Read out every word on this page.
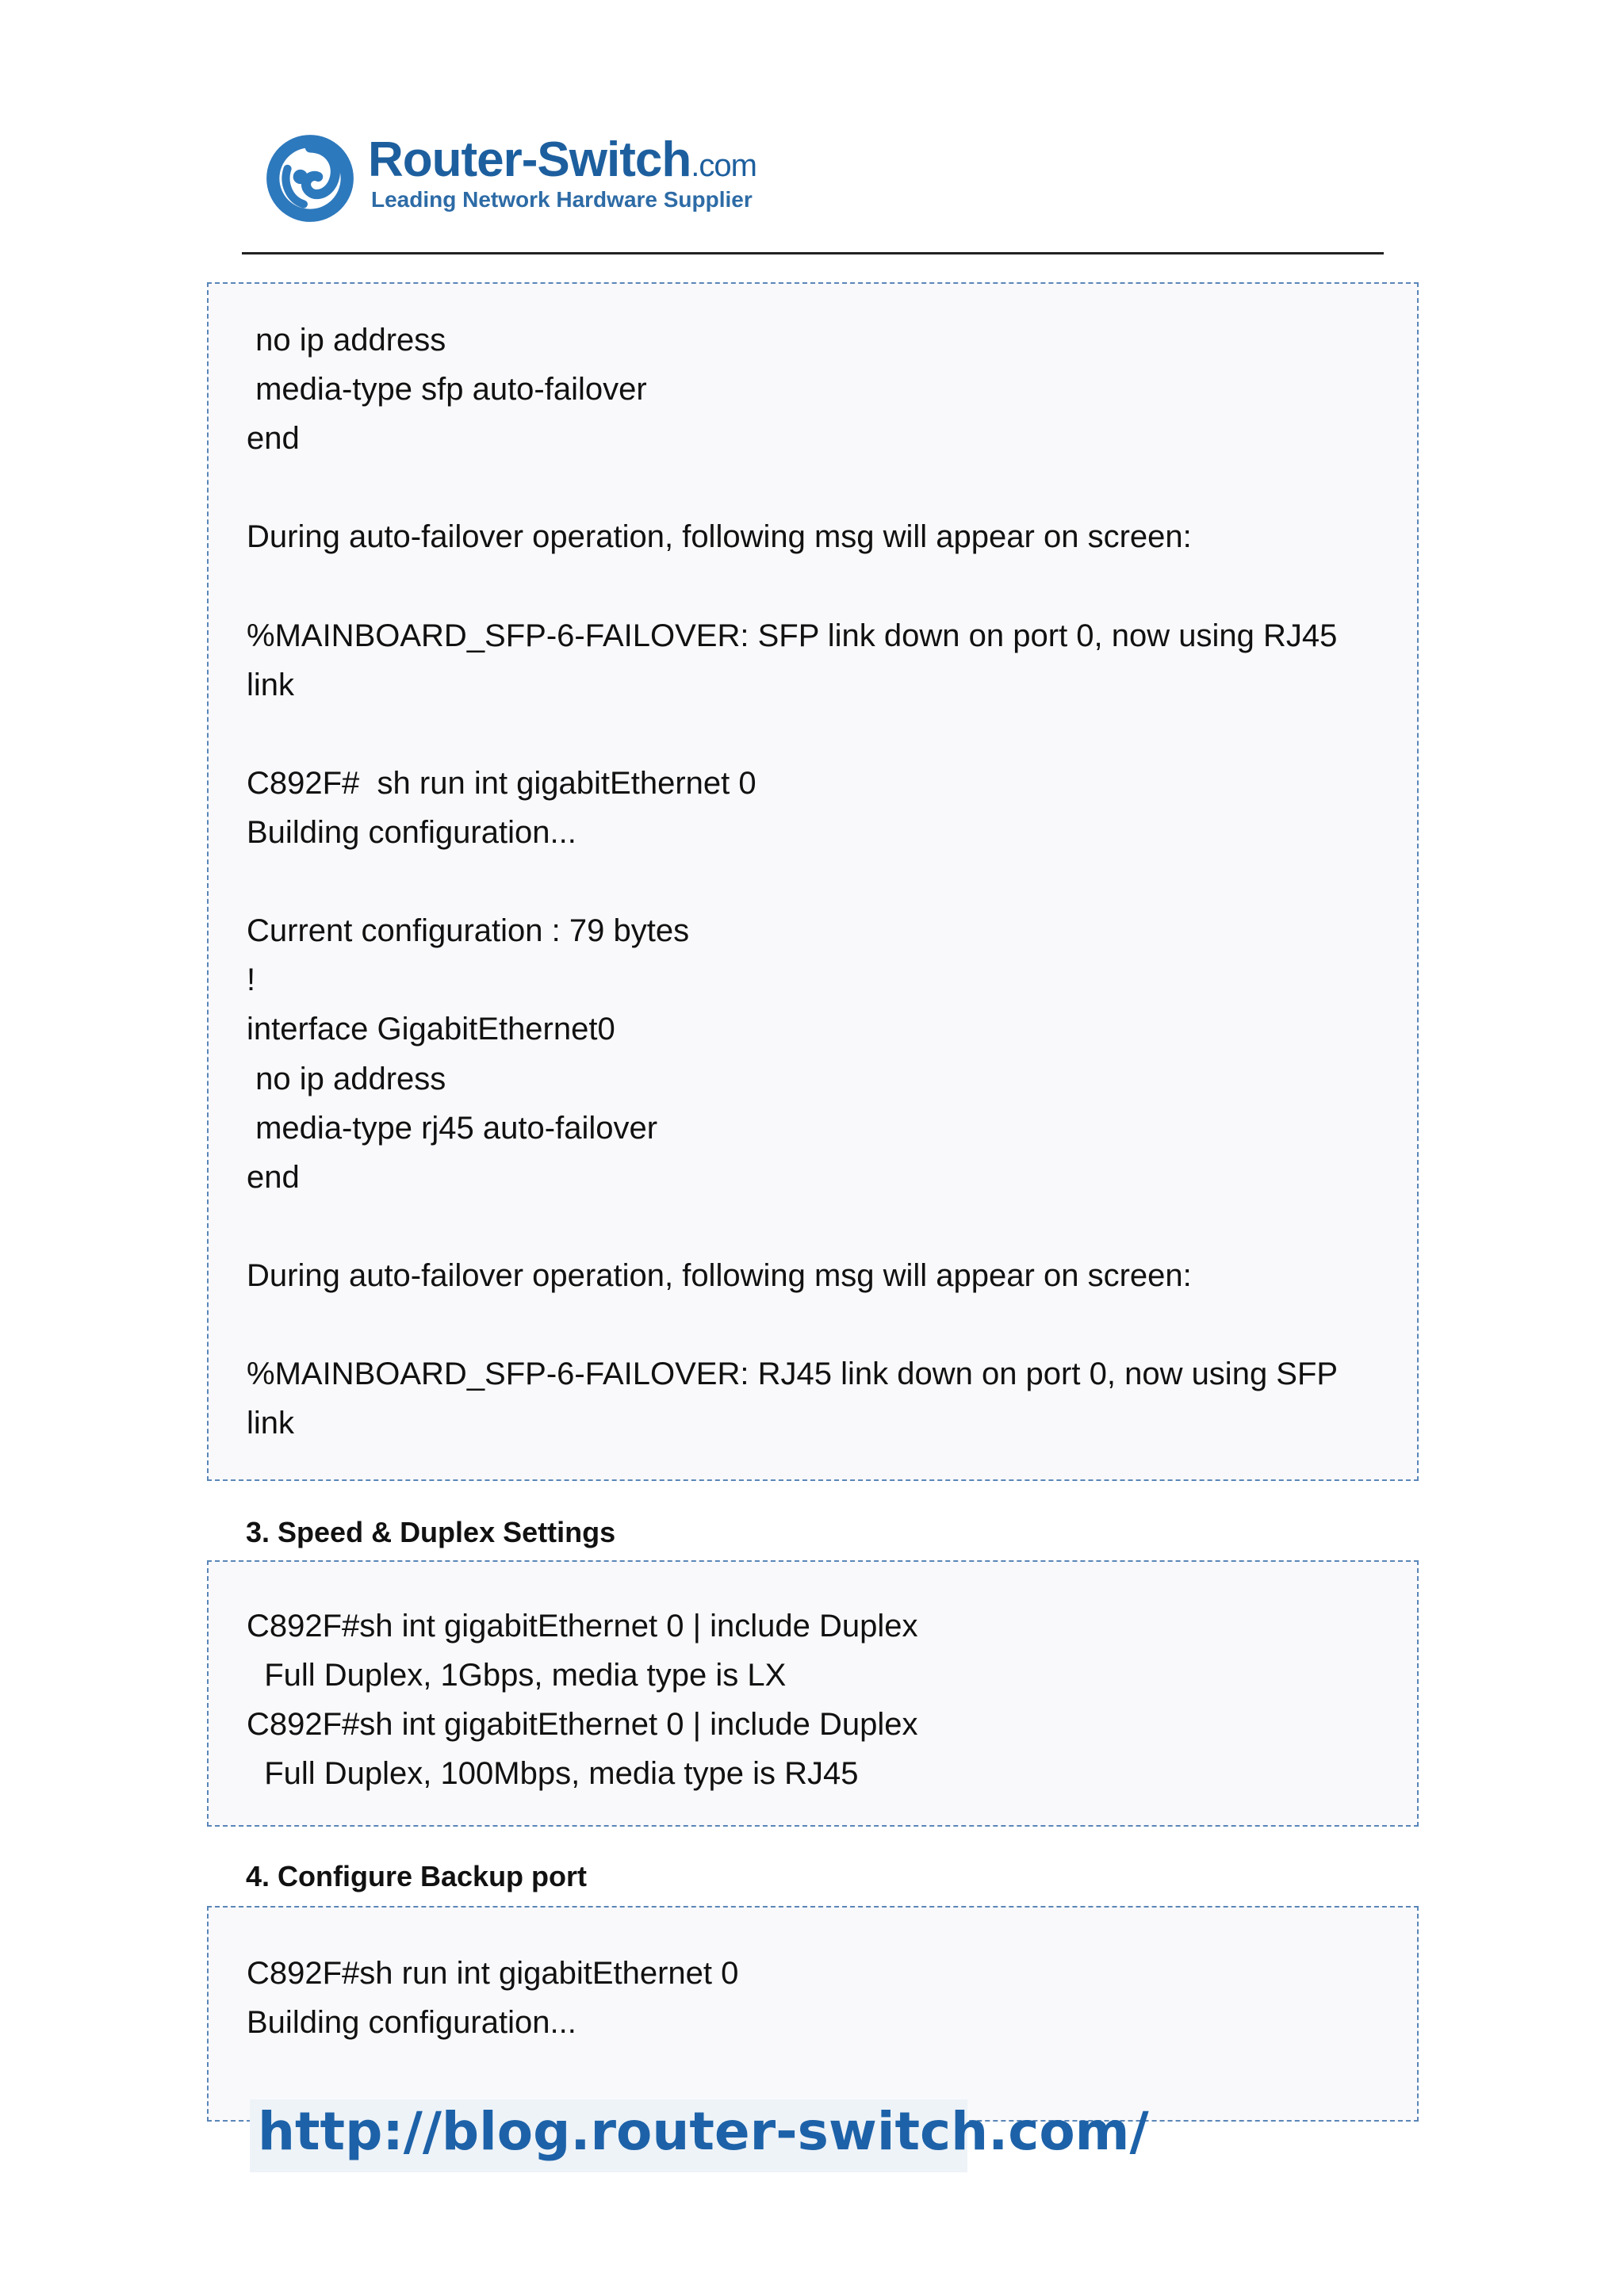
Router-Switch.com
Leading Network Hardware Supplier
no ip address
media-type sfp auto-failover
end
During auto-failover operation, following msg will appear on screen:
%MAINBOARD_SFP-6-FAILOVER: SFP link down on port 0, now using RJ45
link
C892F#  sh run int gigabitEthernet 0
Building configuration...
Current configuration : 79 bytes
!
interface GigabitEthernet0
no ip address
media-type rj45 auto-failover
end
During auto-failover operation, following msg will appear on screen:
%MAINBOARD_SFP-6-FAILOVER: RJ45 link down on port 0, now using SFP
link
3. Speed & Duplex Settings
C892F#sh int gigabitEthernet 0 | include Duplex
Full Duplex, 1Gbps, media type is LX
C892F#sh int gigabitEthernet 0 | include Duplex
Full Duplex, 100Mbps, media type is RJ45
4. Configure Backup port
C892F#sh run int gigabitEthernet 0
Building configuration...
http://blog.router-switch.com/
